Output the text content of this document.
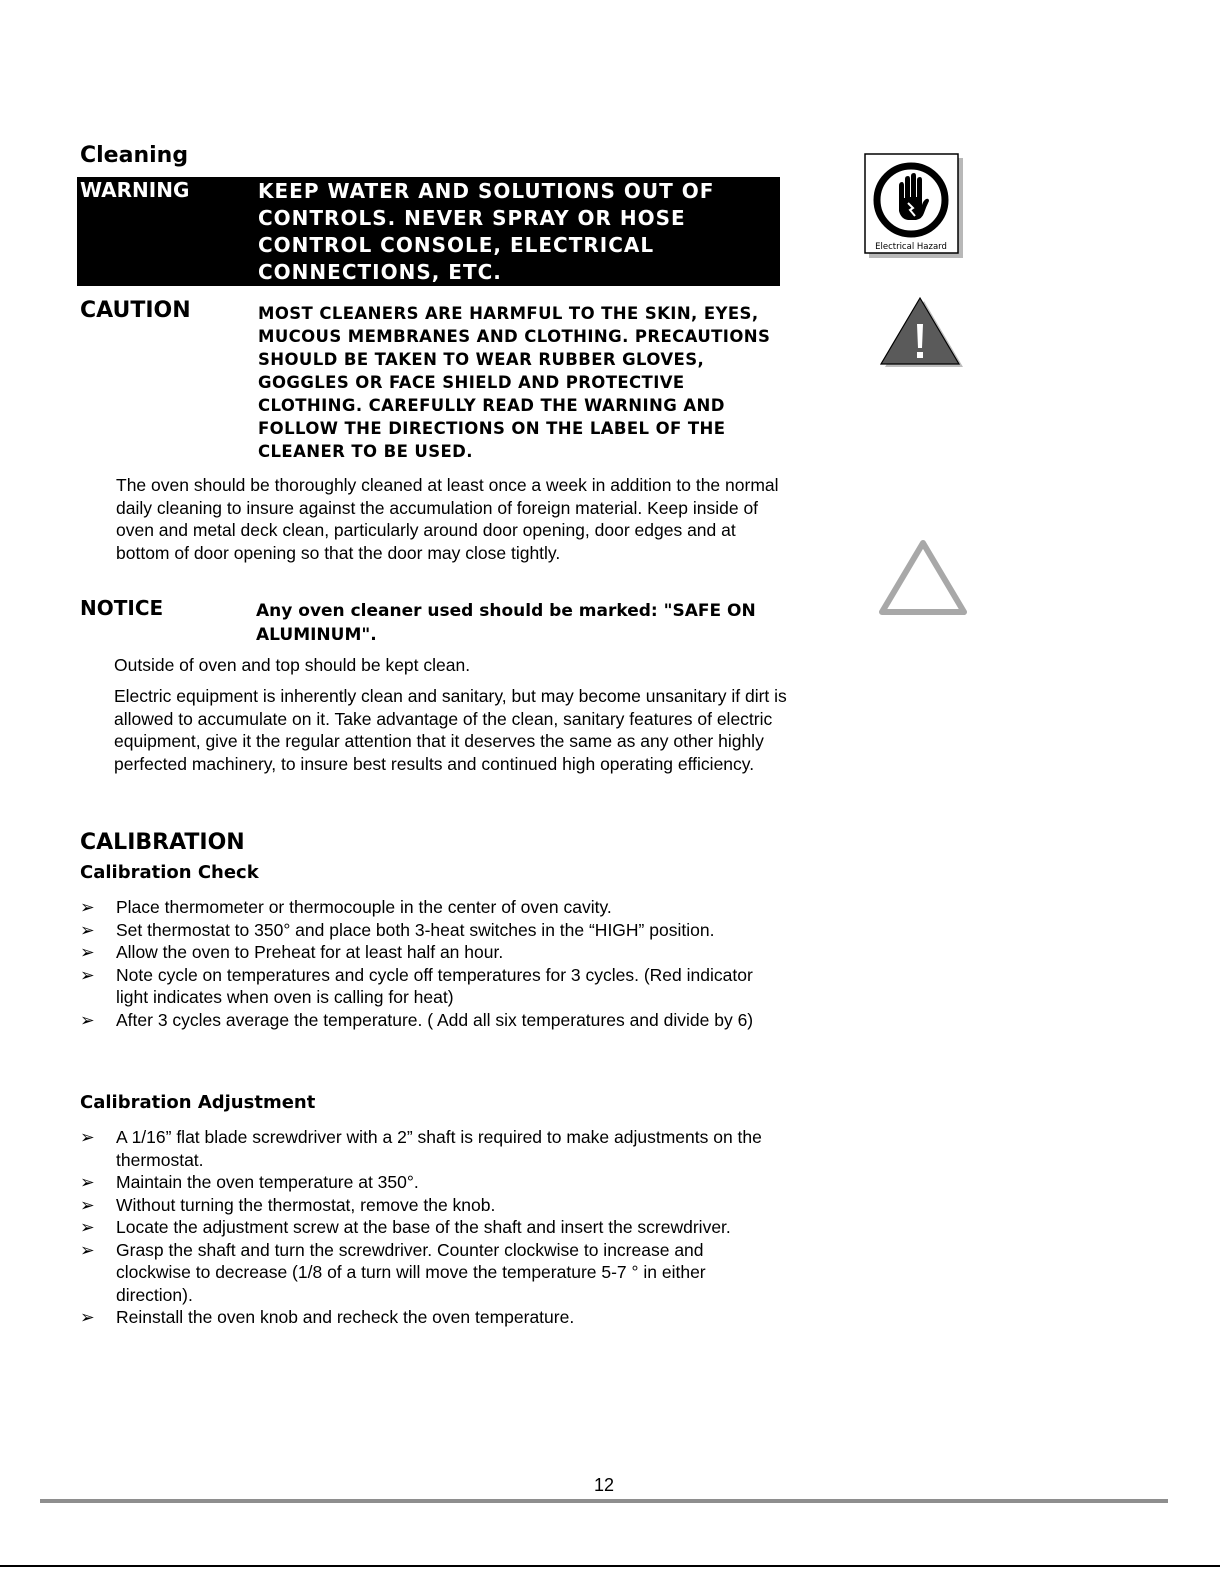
Cleaning
WARNING	KEEP WATER AND SOLUTIONS OUT OF CONTROLS. NEVER SPRAY OR HOSE CONTROL CONSOLE, ELECTRICAL CONNECTIONS, ETC.
CAUTION	MOST CLEANERS ARE HARMFUL TO THE SKIN, EYES, MUCOUS MEMBRANES AND CLOTHING. PRECAUTIONS SHOULD BE TAKEN TO WEAR RUBBER GLOVES, GOGGLES OR FACE SHIELD AND PROTECTIVE CLOTHING. CAREFULLY READ THE WARNING AND FOLLOW THE DIRECTIONS ON THE LABEL OF THE CLEANER TO BE USED.
The oven should be thoroughly cleaned at least once a week in addition to the normal daily cleaning to insure against the accumulation of foreign material. Keep inside of oven and metal deck clean, particularly around door opening, door edges and at bottom of door opening so that the door may close tightly.
NOTICE	Any oven cleaner used should be marked: "SAFE ON ALUMINUM".
Outside of oven and top should be kept clean.
Electric equipment is inherently clean and sanitary, but may become unsanitary if dirt is allowed to accumulate on it. Take advantage of the clean, sanitary features of electric equipment, give it the regular attention that it deserves the same as any other highly perfected machinery, to insure best results and continued high operating efficiency.
CALIBRATION
Calibration Check
➢	Place thermometer or thermocouple in the center of oven cavity.
➢	Set thermostat to 350° and place both 3-heat switches in the “HIGH” position.
➢	Allow the oven to Preheat for at least half an hour.
➢	Note cycle on temperatures and cycle off temperatures for 3 cycles. (Red indicator light indicates when oven is calling for heat)
➢	After 3 cycles average the temperature. ( Add all six temperatures and divide by 6)
Calibration Adjustment
➢	A 1/16” flat blade screwdriver with a 2” shaft is required to make adjustments on the thermostat.
➢	Maintain the oven temperature at 350°.
➢	Without turning the thermostat, remove the knob.
➢	Locate the adjustment screw at the base of the shaft and insert the screwdriver.
➢	Grasp the shaft and turn the screwdriver. Counter clockwise to increase and clockwise to decrease (1/8 of a turn will move the temperature 5-7 ° in either direction).
➢	Reinstall the oven knob and recheck the oven temperature.
Electrical Hazard
12
